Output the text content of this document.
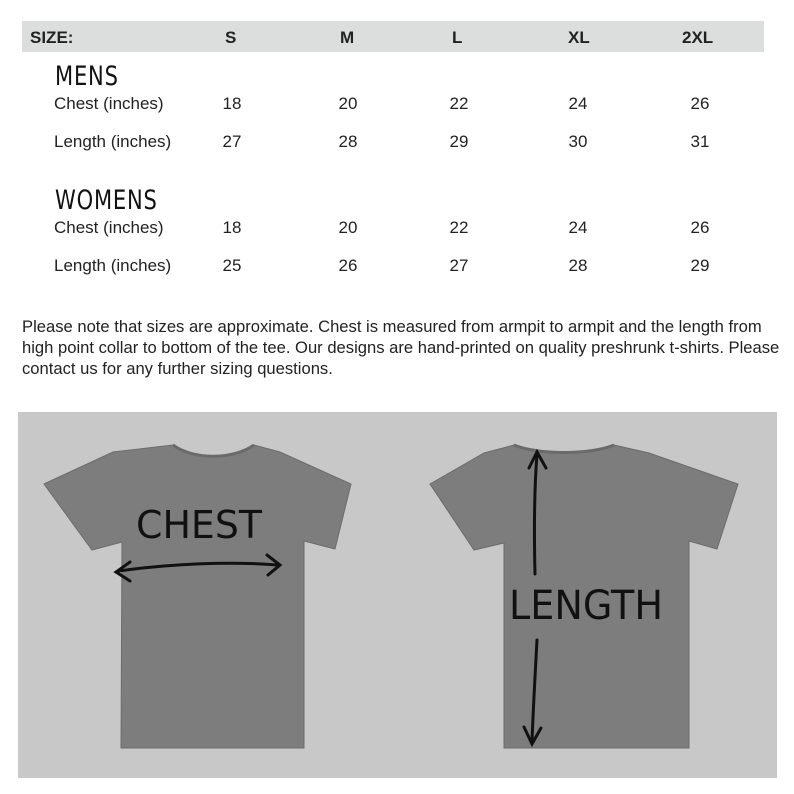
SIZE:	S	M	L	XL	2XL
MENS
Chest (inches)	18	20	22	24	26
Length (inches)	27	28	29	30	31
WOMENS
Chest (inches)	18	20	22	24	26
Length (inches)	25	26	27	28	29
Please note that sizes are approximate. Chest is measured from armpit to armpit and the length from high point collar to bottom of the tee. Our designs are hand-printed on quality preshrunk t-shirts. Please contact us for any further sizing questions.
CHEST
LENGTH
